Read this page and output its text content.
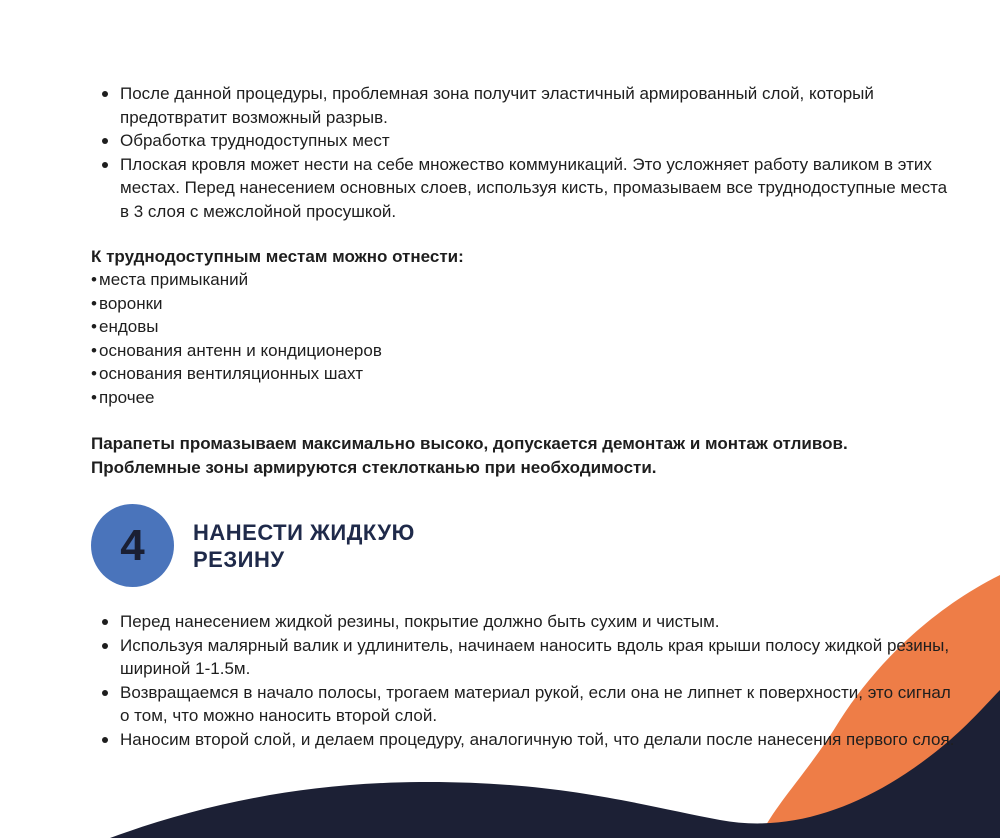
После данной процедуры, проблемная зона получит эластичный армированный слой, который предотвратит возможный разрыв.
Обработка труднодоступных мест
Плоская кровля может нести на себе множество коммуникаций. Это усложняет работу валиком в этих местах. Перед нанесением основных слоев, используя кисть, промазываем все труднодоступные места в 3 слоя с межслойной просушкой.
К труднодоступным местам можно отнести:
• места примыканий
• воронки
• ендовы
• основания антенн и кондиционеров
• основания вентиляционных шахт
• прочее
Парапеты промазываем максимально высоко, допускается демонтаж и монтаж отливов.
Проблемные зоны армируются стеклотканью при необходимости.
4 НАНЕСТИ ЖИДКУЮ
РЕЗИНУ
Перед нанесением жидкой резины, покрытие должно быть сухим и чистым.
Используя малярный валик и удлинитель, начинаем наносить вдоль края крыши полосу жидкой резины, шириной 1-1.5м.
Возвращаемся в начало полосы, трогаем материал рукой, если она не липнет к поверхности, это сигнал о том, что можно наносить второй слой.
Наносим второй слой, и делаем процедуру, аналогичную той, что делали после нанесения первого слоя.
